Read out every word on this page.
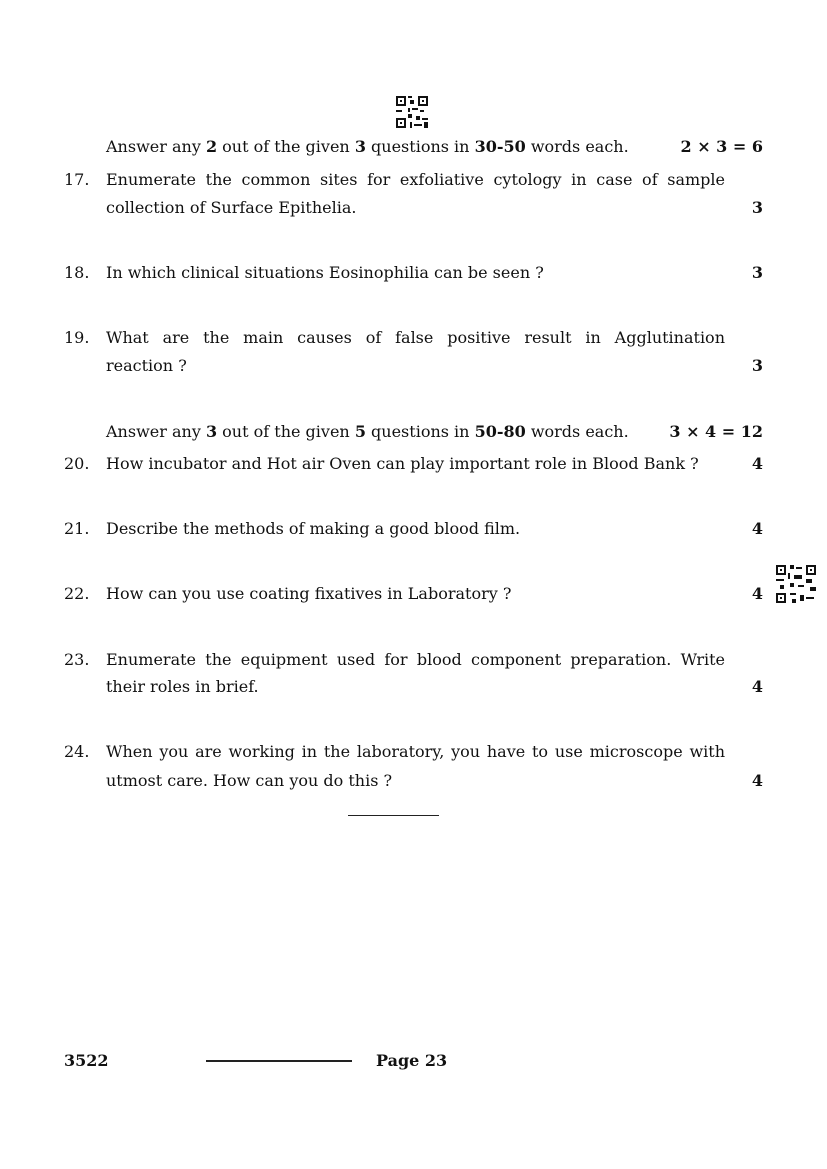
Answer any 2 out of the given 3 questions in 30-50 words each.	2 × 3 = 6
17. Enumerate the common sites for exfoliative cytology in case of sample
collection of Surface Epithelia.	3
18. In which clinical situations Eosinophilia can be seen ?	3
19. What are the main causes of false positive result in Agglutination
reaction ?	3
Answer any 3 out of the given 5 questions in 50-80 words each.	3 × 4 = 12
20. How incubator and Hot air Oven can play important role in Blood Bank ?	4
21. Describe the methods of making a good blood film.	4
22. How can you use coating fixatives in Laboratory ?	4
23. Enumerate the equipment used for blood component preparation. Write
their roles in brief.	4
24. When you are working in the laboratory, you have to use microscope with
utmost care. How can you do this ?	4
3522	Page 23
